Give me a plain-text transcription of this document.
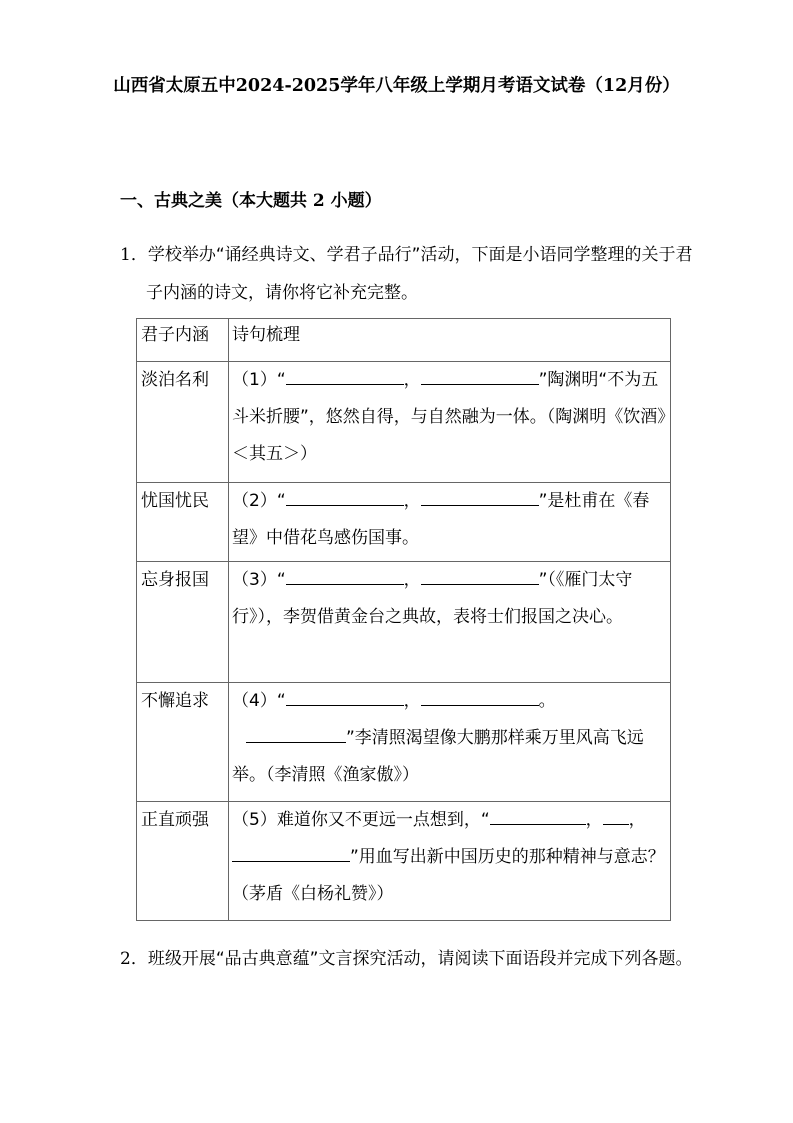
山西省太原五中2024-2025学年八年级上学期月考语文试卷（12月份）
一、古典之美（本大题共 2 小题）

1．学校举办“诵经典诗文、学君子品行”活动，下面是小语同学整理的关于君子内涵的诗文，请你将它补充完整。

君子内涵	诗句梳理
淡泊名利	（1）“ ， ”陶渊明“不为五斗米折腰”，悠然自得，与自然融为一体。（陶渊明《饮酒》＜其五＞）
忧国忧民	（2）“ ， ”是杜甫在《春望》中借花鸟感伤国事。
忘身报国	（3）“ ， ”（《雁门太守行》），李贺借黄金台之典故，表将士们报国之决心。
不懈追求	（4）“ ， 。”李清照渴望像大鹏那样乘万里风高飞远举。（李清照《渔家傲》）
正直顽强	（5）难道你又不更远一点想到，“ ， ，”用血写出新中国历史的那种精神与意志？（茅盾《白杨礼赞》）

2．班级开展“品古典意蕴”文言探究活动，请阅读下面语段并完成下列各题。
